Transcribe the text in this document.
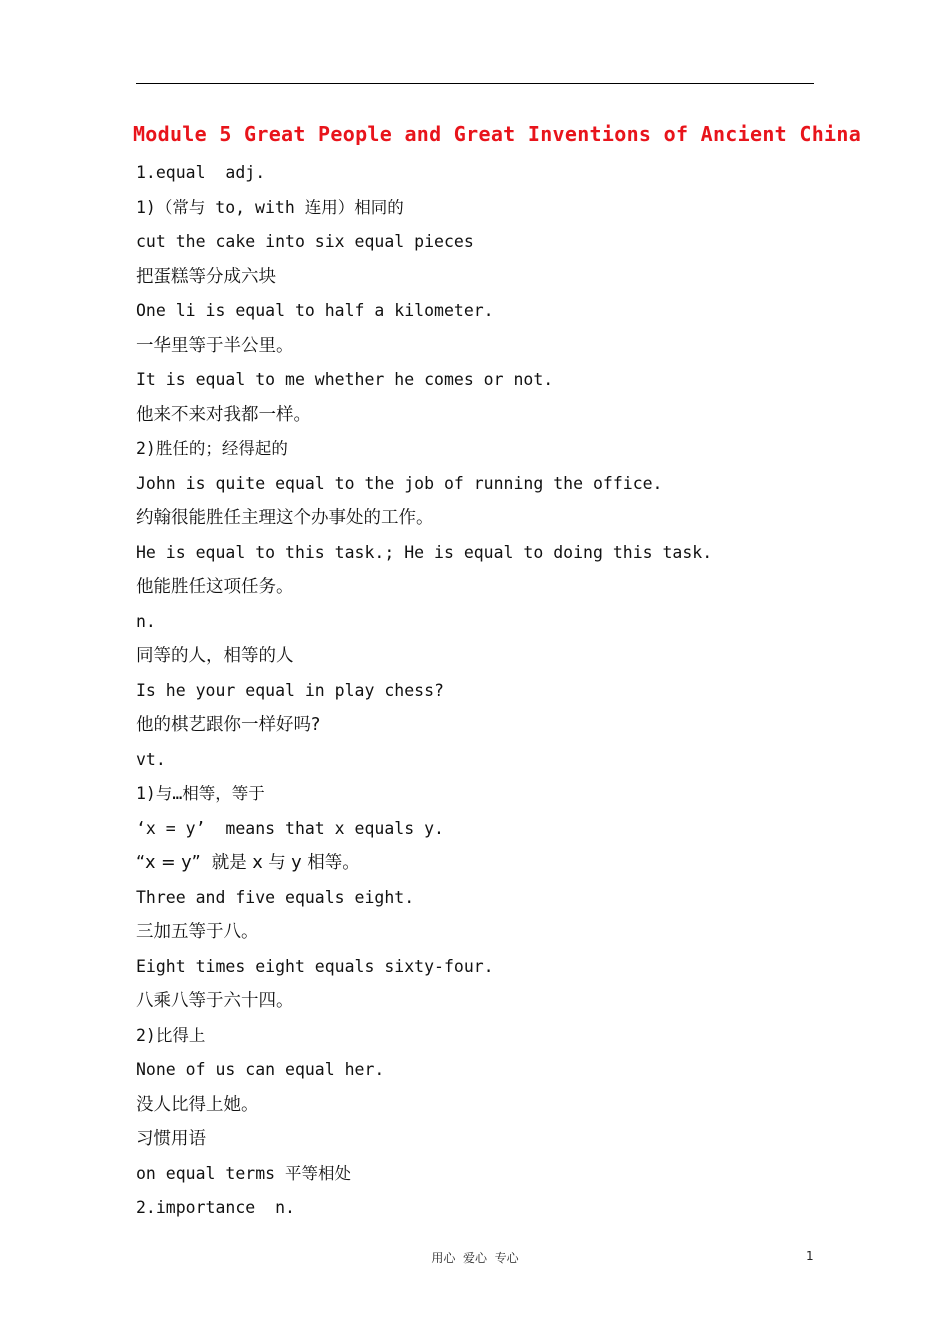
Module 5 Great People and Great Inventions of Ancient China
1.equal  adj.
1)（常与 to, with 连用）相同的
cut the cake into six equal pieces
把蛋糕等分成六块
One li is equal to half a kilometer.
一华里等于半公里。
It is equal to me whether he comes or not.
他来不来对我都一样。
2)胜任的；经得起的
John is quite equal to the job of running the office.
约翰很能胜任主理这个办事处的工作。
He is equal to this task.; He is equal to doing this task.
他能胜任这项任务。
n.
同等的人，相等的人
Is he your equal in play chess?
他的棋艺跟你一样好吗?
vt.
1)与…相等，等于
‘x = y’  means that x equals y.
“x = y”  就是 x 与 y 相等。
Three and five equals eight.
三加五等于八。
Eight times eight equals sixty-four.
八乘八等于六十四。
2)比得上
None of us can equal her.
没人比得上她。
习惯用语
on equal terms 平等相处
2.importance  n.
用心  爱心  专心	1
